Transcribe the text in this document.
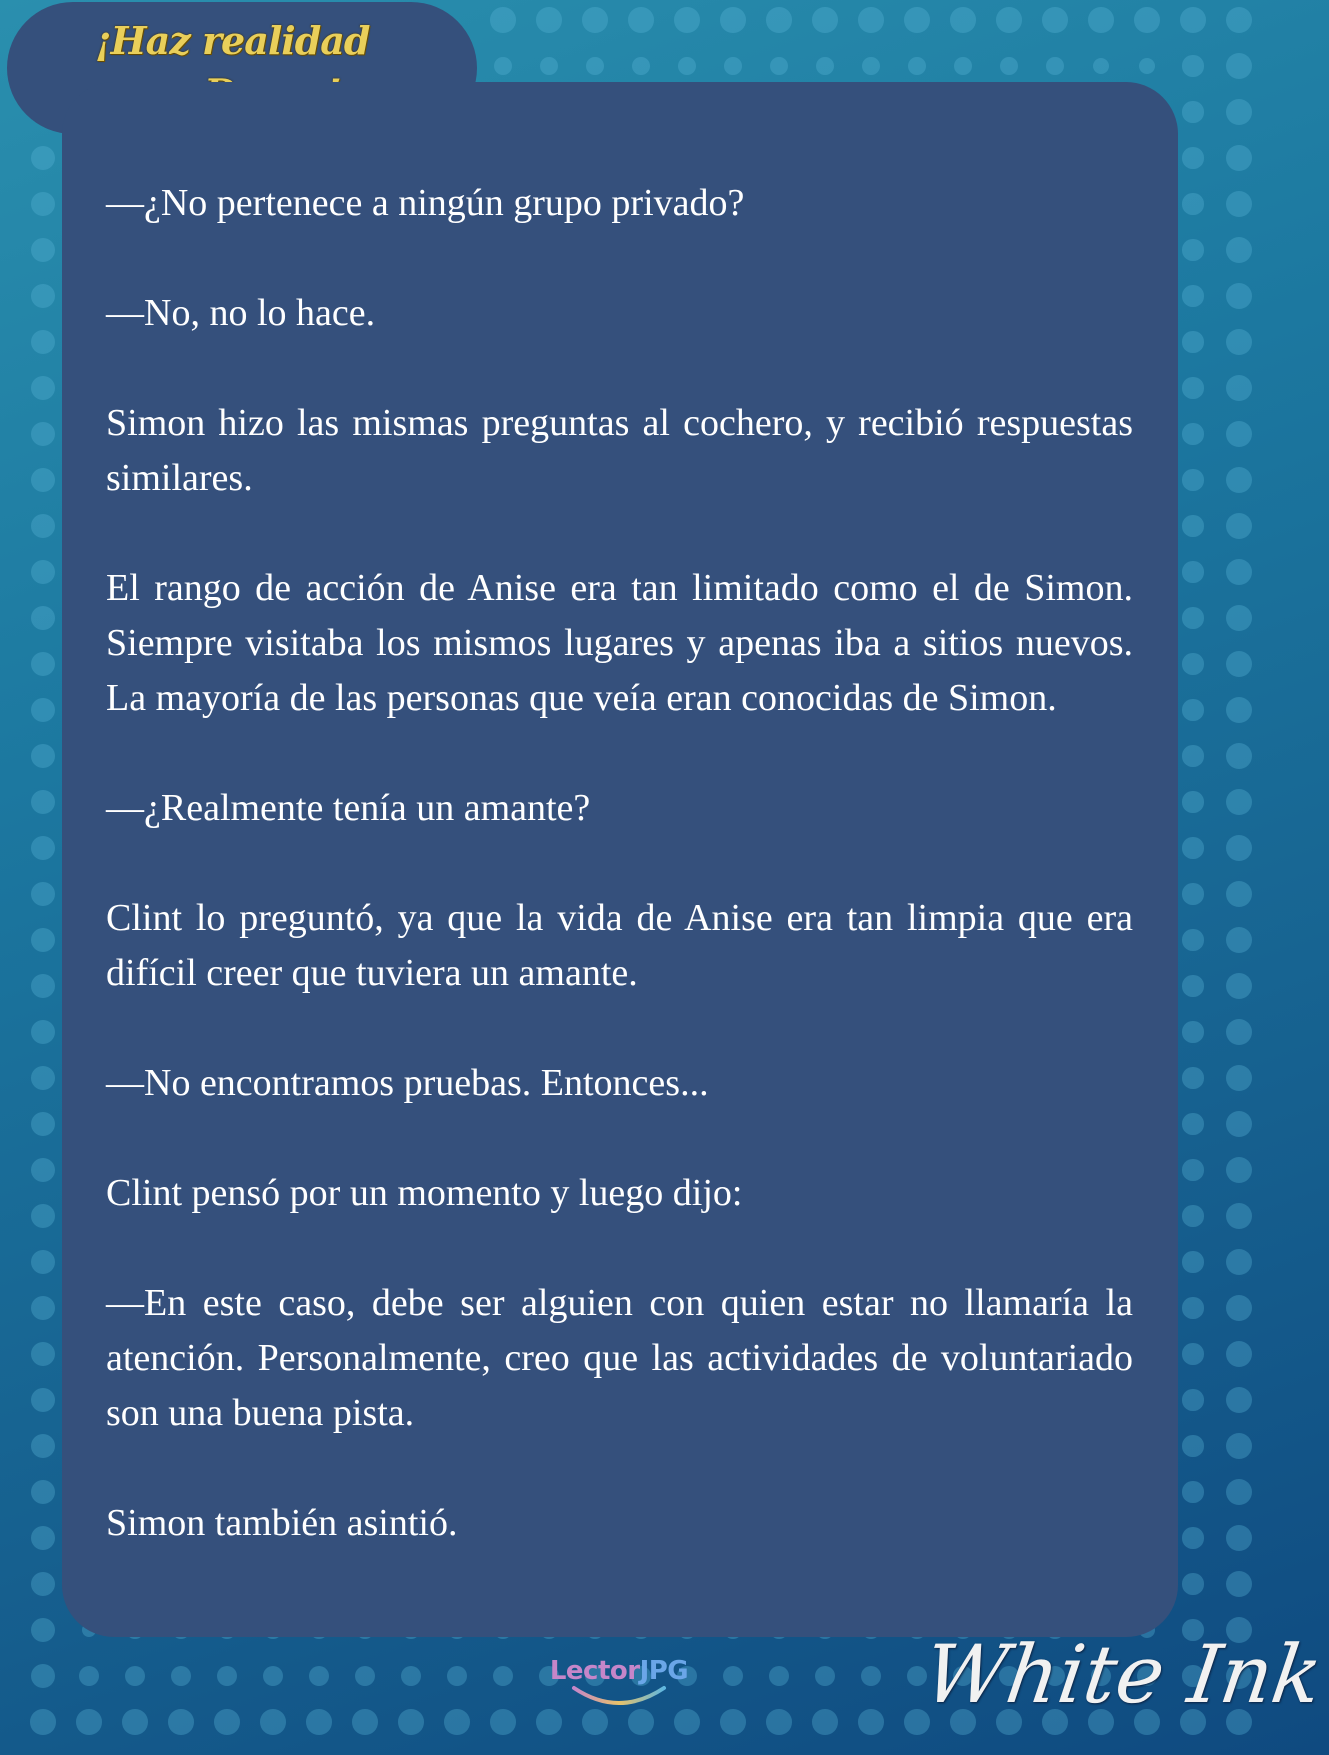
¡Haz realidad

—¿No pertenece a ningún grupo privado?

—No, no lo hace.

Simon hizo las mismas preguntas al cochero, y recibió respuestas similares.

El rango de acción de Anise era tan limitado como el de Simon. Siempre visitaba los mismos lugares y apenas iba a sitios nuevos. La mayoría de las personas que veía eran conocidas de Simon.

—¿Realmente tenía un amante?

Clint lo preguntó, ya que la vida de Anise era tan limpia que era difícil creer que tuviera un amante.

—No encontramos pruebas. Entonces...

Clint pensó por un momento y luego dijo:

—En este caso, debe ser alguien con quien estar no llamaría la atención. Personalmente, creo que las actividades de voluntariado son una buena pista.

Simon también asintió.

LectorJPG	White Ink
